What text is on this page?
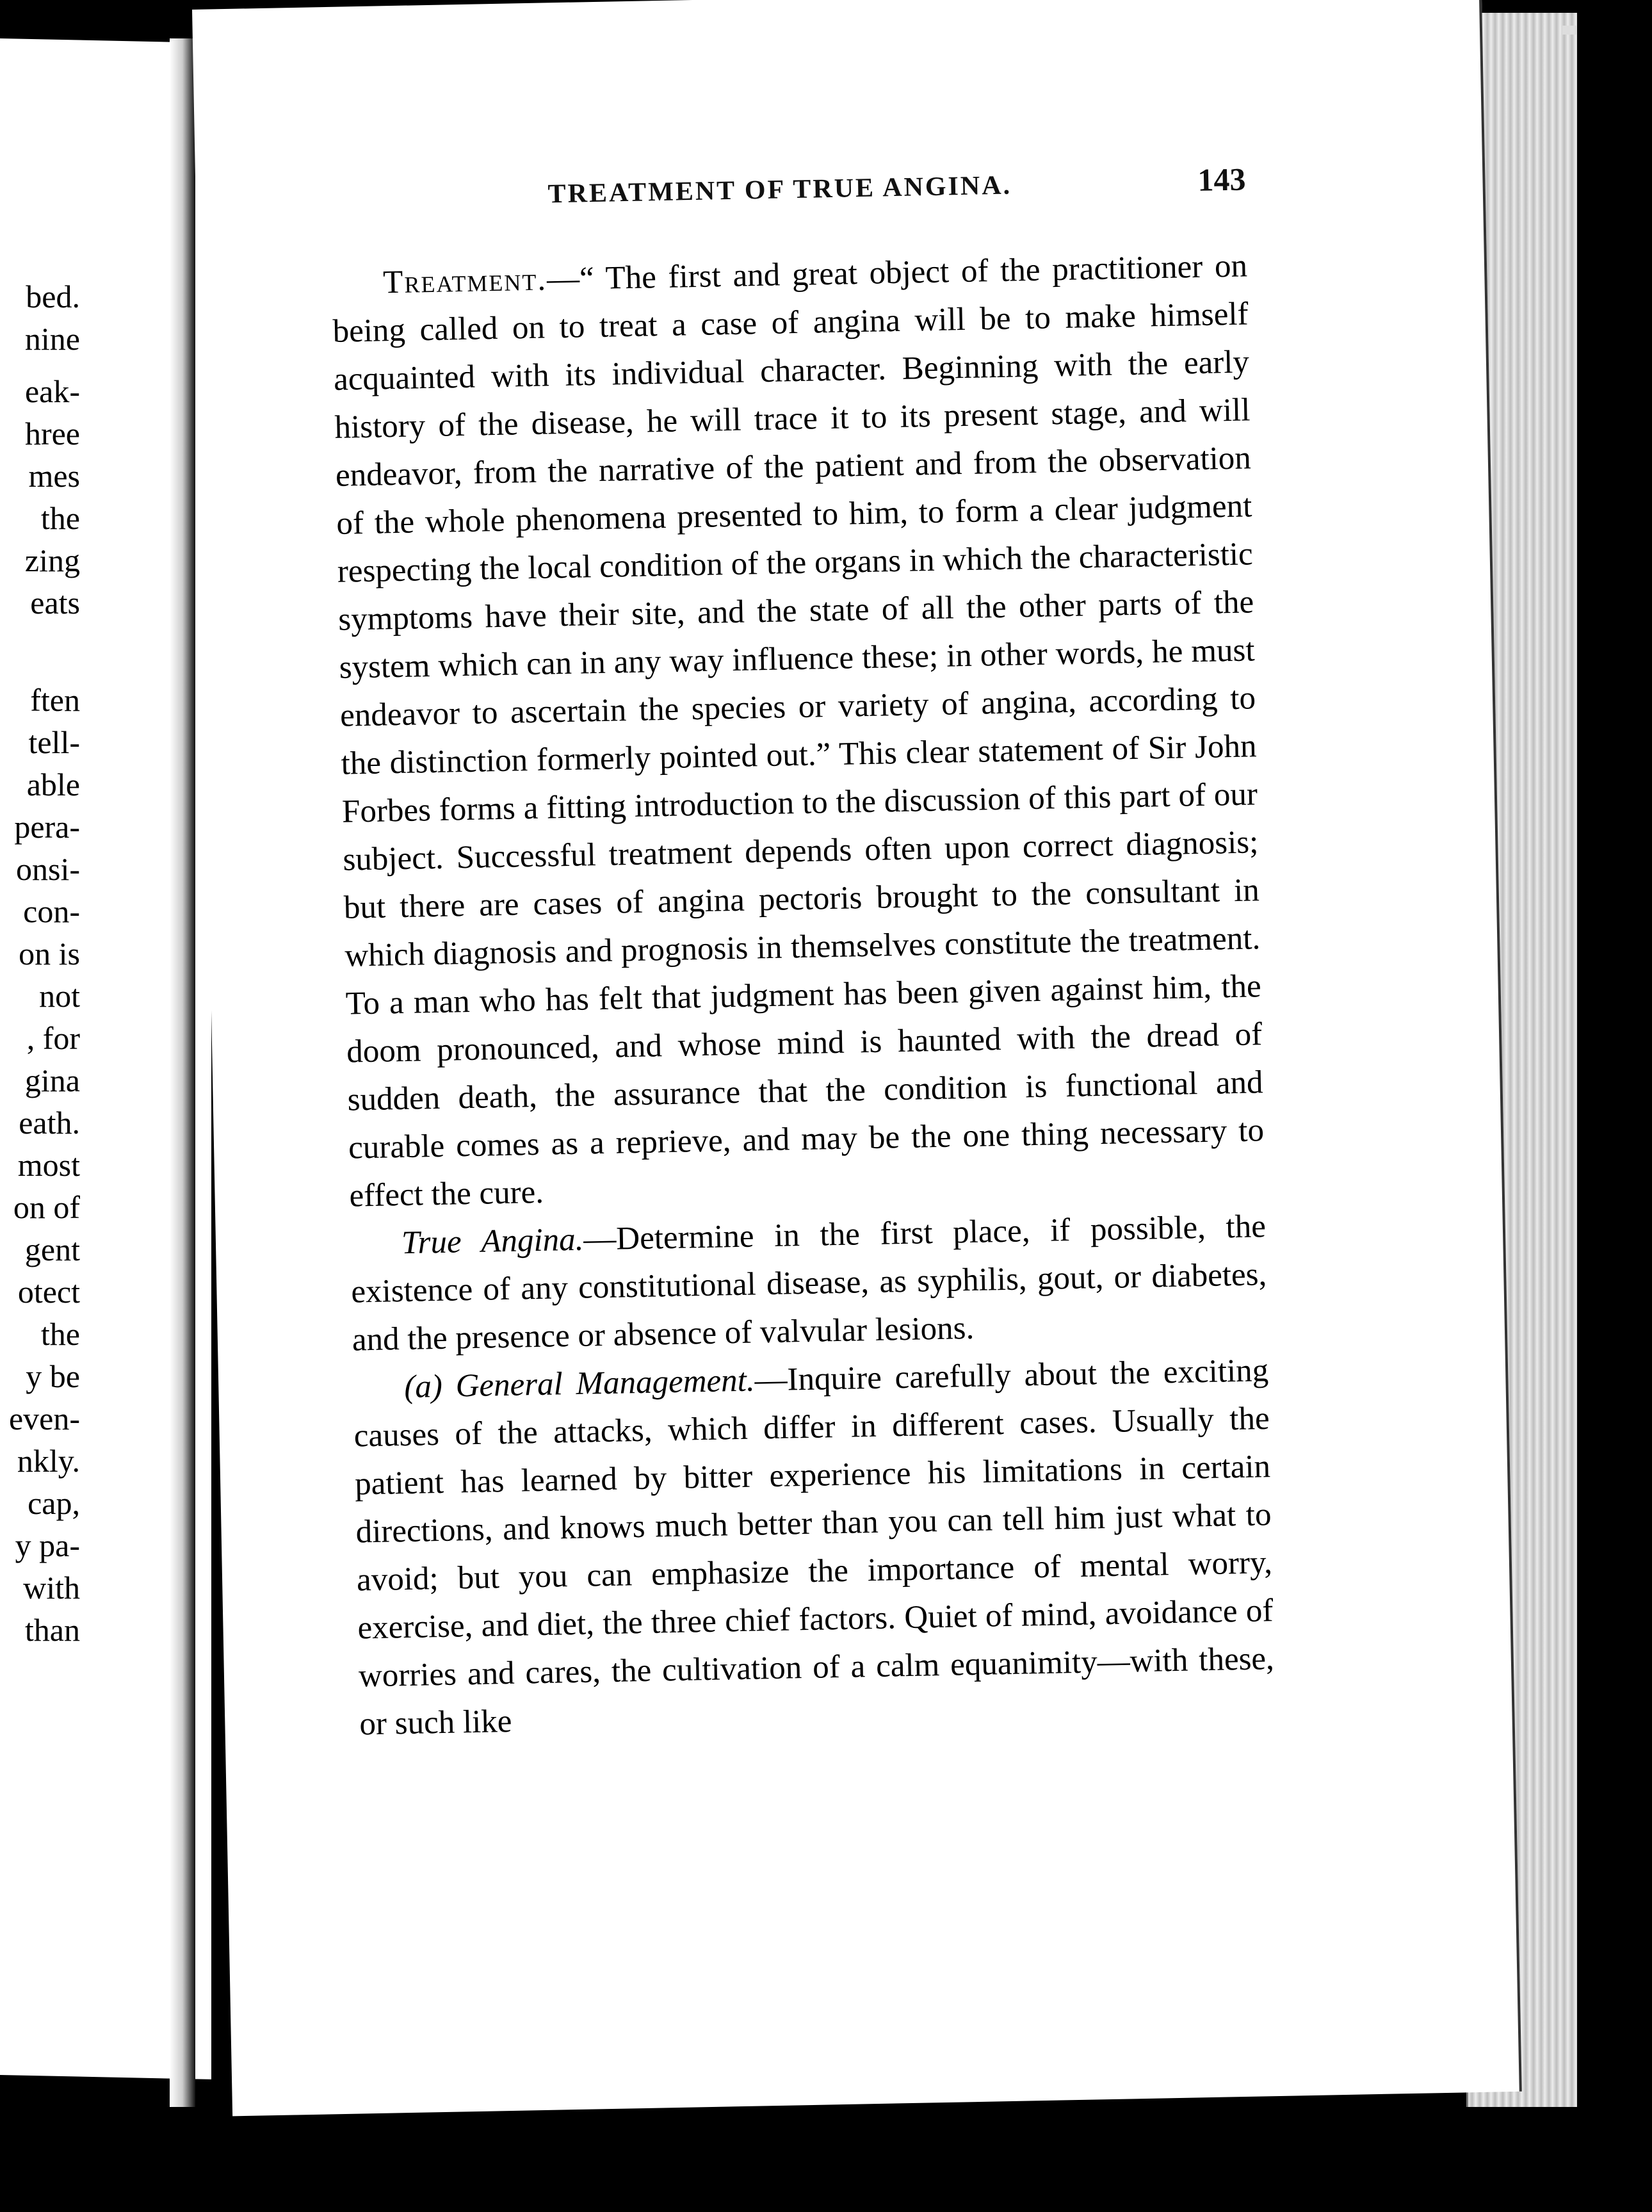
bed.
nine
eak-
hree
mes
the
zing
eats
ften
tell-
able
pera-
onsi-
con-
on is
not
, for
gina
eath.
most
on of
gent
otect
the
y be
even-
nkly.
cap,
y pa-
with
than
TREATMENT OF TRUE ANGINA.	143

Treatment.—“ The first and great object of the practitioner on being called on to treat a case of angina will be to make himself acquainted with its individual character. Beginning with the early history of the disease, he will trace it to its present stage, and will endeavor, from the narrative of the patient and from the observation of the whole phenomena presented to him, to form a clear judgment respecting the local condition of the organs in which the characteristic symptoms have their site, and the state of all the other parts of the system which can in any way influence these; in other words, he must endeavor to ascertain the species or variety of angina, according to the distinction formerly pointed out.” This clear statement of Sir John Forbes forms a fitting introduction to the discussion of this part of our subject. Successful treatment depends often upon correct diagnosis; but there are cases of angina pectoris brought to the consultant in which diagnosis and prognosis in themselves constitute the treatment. To a man who has felt that judgment has been given against him, the doom pronounced, and whose mind is haunted with the dread of sudden death, the assurance that the condition is functional and curable comes as a reprieve, and may be the one thing necessary to effect the cure.

True Angina.—Determine in the first place, if possible, the existence of any constitutional disease, as syphilis, gout, or diabetes, and the presence or absence of valvular lesions.

(a) General Management.—Inquire carefully about the exciting causes of the attacks, which differ in different cases. Usually the patient has learned by bitter experience his limitations in certain directions, and knows much better than you can tell him just what to avoid; but you can emphasize the importance of mental worry, exercise, and diet, the three chief factors. Quiet of mind, avoidance of worries and cares, the cultivation of a calm equanimity—with these, or such like
